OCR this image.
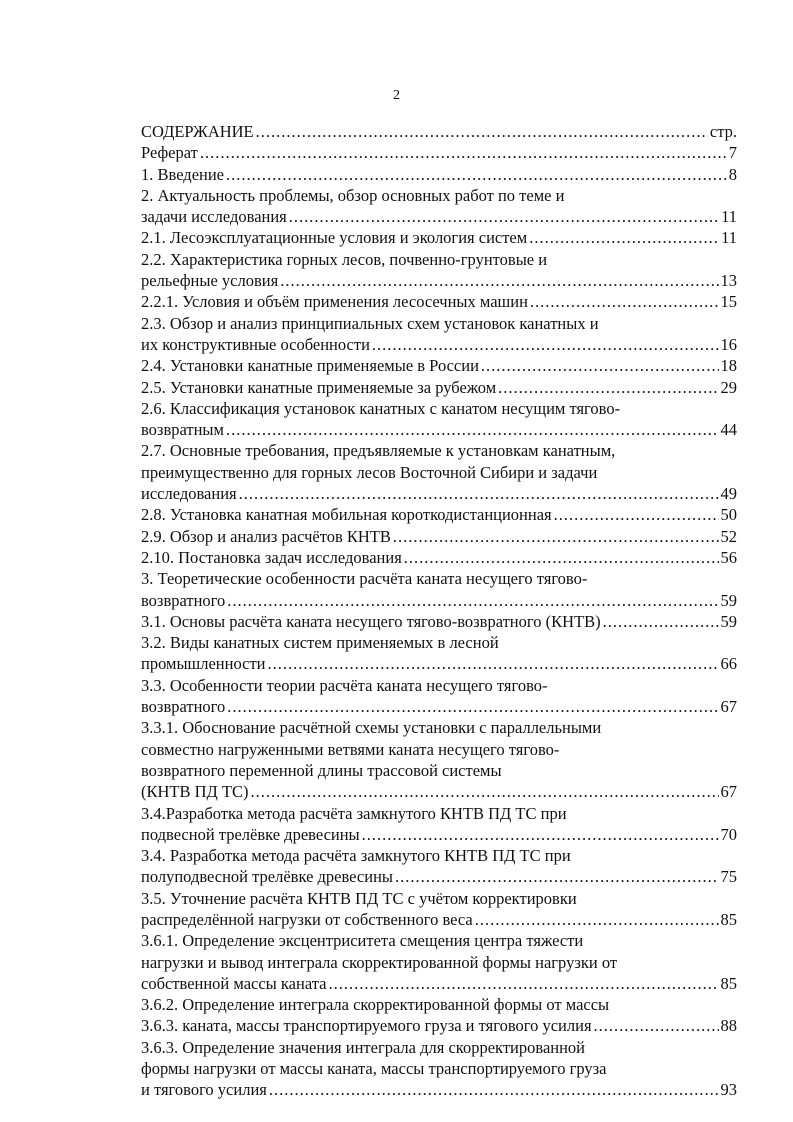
2
СОДЕРЖАНИЕ .....	стр.
Реферат .....	7
1. Введение .....	8
2. Актуальность проблемы, обзор основных работ по теме и
задачи исследования .....	11
2.1. Лесоэксплуатационные условия и экология систем .....	11
2.2. Характеристика горных лесов, почвенно-грунтовые и
рельефные условия .....	13
2.2.1. Условия и объём применения лесосечных машин .....	15
2.3. Обзор и анализ принципиальных схем установок канатных и
их конструктивные особенности .....	16
2.4. Установки канатные применяемые в России .....	18
2.5. Установки канатные применяемые за рубежом .....	29
2.6. Классификация установок канатных с канатом несущим тягово-
возвратным .....	44
2.7. Основные требования, предъявляемые к установкам канатным,
преимущественно для горных лесов Восточной Сибири и задачи
исследования .....	49
2.8. Установка канатная мобильная короткодистанционная .....	50
2.9. Обзор и анализ расчётов КНТВ .....	52
2.10. Постановка задач исследования .....	56
3. Теоретические особенности расчёта каната несущего тягово-
возвратного .....	59
3.1. Основы расчёта каната несущего тягово-возвратного (КНТВ) .....	59
3.2. Виды канатных систем применяемых в лесной
промышленности .....	66
3.3. Особенности теории расчёта каната несущего тягово-
возвратного .....	67
3.3.1. Обоснование расчётной схемы установки с параллельными
совместно нагруженными ветвями каната несущего тягово-
возвратного переменной длины трассовой системы
(КНТВ ПД ТС) .....	67
3.4.Разработка метода расчёта замкнутого КНТВ ПД ТС при
подвесной трелёвке древесины .....	70
3.4. Разработка метода расчёта замкнутого КНТВ ПД ТС при
полуподвесной трелёвке древесины .....	75
3.5. Уточнение расчёта КНТВ ПД ТС с учётом корректировки
распределённой нагрузки от собственного веса .....	85
3.6.1. Определение эксцентриситета смещения центра тяжести
нагрузки и вывод интеграла скорректированной формы нагрузки от
собственной массы каната .....	85
3.6.2. Определение интеграла скорректированной формы от массы
3.6.3. каната, массы транспортируемого груза и тягового усилия .....	88
3.6.3. Определение значения интеграла для скорректированной
формы нагрузки от массы каната, массы транспортируемого груза
и тягового усилия .....	93
